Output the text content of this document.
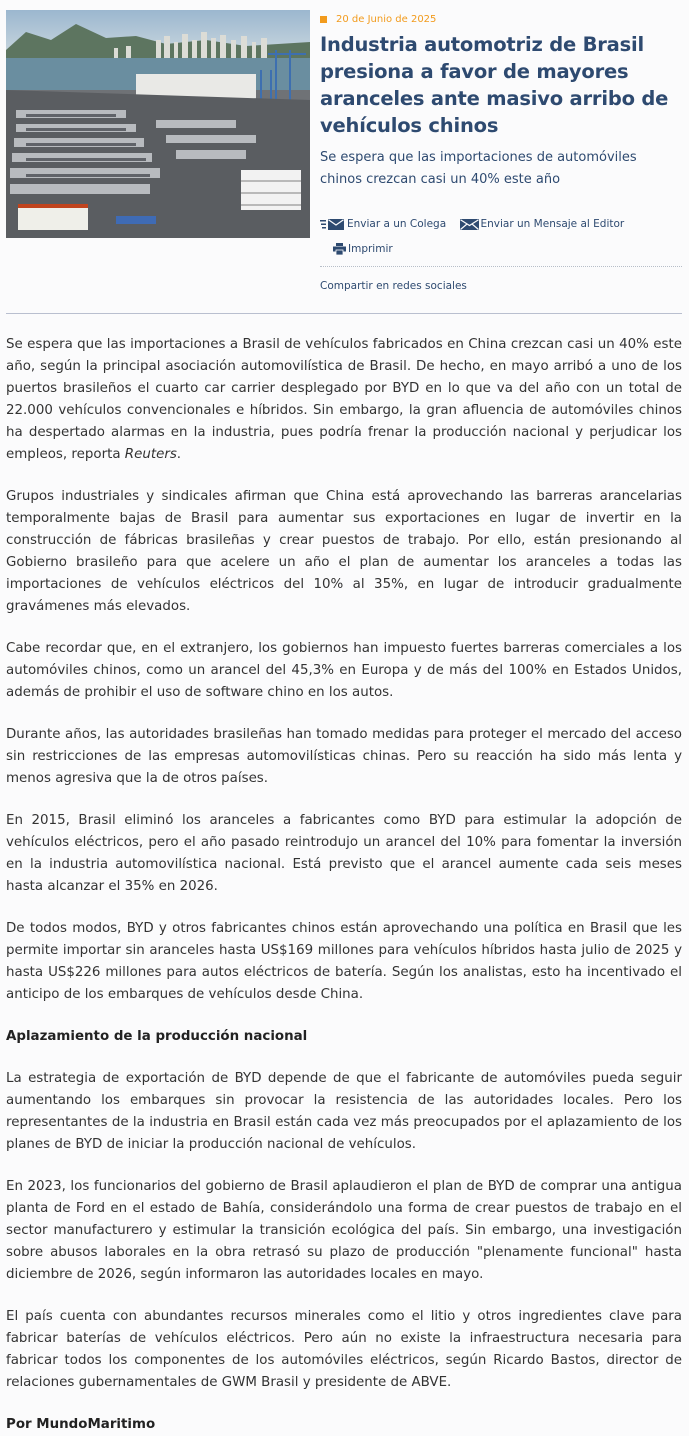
20 de Junio de 2025
Industria automotriz de Brasil presiona a favor de mayores aranceles ante masivo arribo de vehículos chinos
Se espera que las importaciones de automóviles chinos crezcan casi un 40% este año
Enviar a un Colega
	Enviar un Mensaje al Editor
Imprimir
Compartir en redes sociales

Se espera que las importaciones a Brasil de vehículos fabricados en China crezcan casi un 40% este año, según la principal asociación automovilística de Brasil. De hecho, en mayo arribó a uno de los puertos brasileños el cuarto car carrier desplegado por BYD en lo que va del año con un total de 22.000 vehículos convencionales e híbridos. Sin embargo, la gran afluencia de automóviles chinos ha despertado alarmas en la industria, pues podría frenar la producción nacional y perjudicar los empleos, reporta Reuters.

Grupos industriales y sindicales afirman que China está aprovechando las barreras arancelarias temporalmente bajas de Brasil para aumentar sus exportaciones en lugar de invertir en la construcción de fábricas brasileñas y crear puestos de trabajo. Por ello, están presionando al Gobierno brasileño para que acelere un año el plan de aumentar los aranceles a todas las importaciones de vehículos eléctricos del 10% al 35%, en lugar de introducir gradualmente gravámenes más elevados.

Cabe recordar que, en el extranjero, los gobiernos han impuesto fuertes barreras comerciales a los automóviles chinos, como un arancel del 45,3% en Europa y de más del 100% en Estados Unidos, además de prohibir el uso de software chino en los autos.

Durante años, las autoridades brasileñas han tomado medidas para proteger el mercado del acceso sin restricciones de las empresas automovilísticas chinas. Pero su reacción ha sido más lenta y menos agresiva que la de otros países.

En 2015, Brasil eliminó los aranceles a fabricantes como BYD para estimular la adopción de vehículos eléctricos, pero el año pasado reintrodujo un arancel del 10% para fomentar la inversión en la industria automovilística nacional. Está previsto que el arancel aumente cada seis meses hasta alcanzar el 35% en 2026.

De todos modos, BYD y otros fabricantes chinos están aprovechando una política en Brasil que les permite importar sin aranceles hasta US$169 millones para vehículos híbridos hasta julio de 2025 y hasta US$226 millones para autos eléctricos de batería. Según los analistas, esto ha incentivado el anticipo de los embarques de vehículos desde China.

Aplazamiento de la producción nacional

La estrategia de exportación de BYD depende de que el fabricante de automóviles pueda seguir aumentando los embarques sin provocar la resistencia de las autoridades locales. Pero los representantes de la industria en Brasil están cada vez más preocupados por el aplazamiento de los planes de BYD de iniciar la producción nacional de vehículos.

En 2023, los funcionarios del gobierno de Brasil aplaudieron el plan de BYD de comprar una antigua planta de Ford en el estado de Bahía, considerándolo una forma de crear puestos de trabajo en el sector manufacturero y estimular la transición ecológica del país. Sin embargo, una investigación sobre abusos laborales en la obra retrasó su plazo de producción "plenamente funcional" hasta diciembre de 2026, según informaron las autoridades locales en mayo.

El país cuenta con abundantes recursos minerales como el litio y otros ingredientes clave para fabricar baterías de vehículos eléctricos. Pero aún no existe la infraestructura necesaria para fabricar todos los componentes de los automóviles eléctricos, según Ricardo Bastos, director de relaciones gubernamentales de GWM Brasil y presidente de ABVE.

Por MundoMaritimo
